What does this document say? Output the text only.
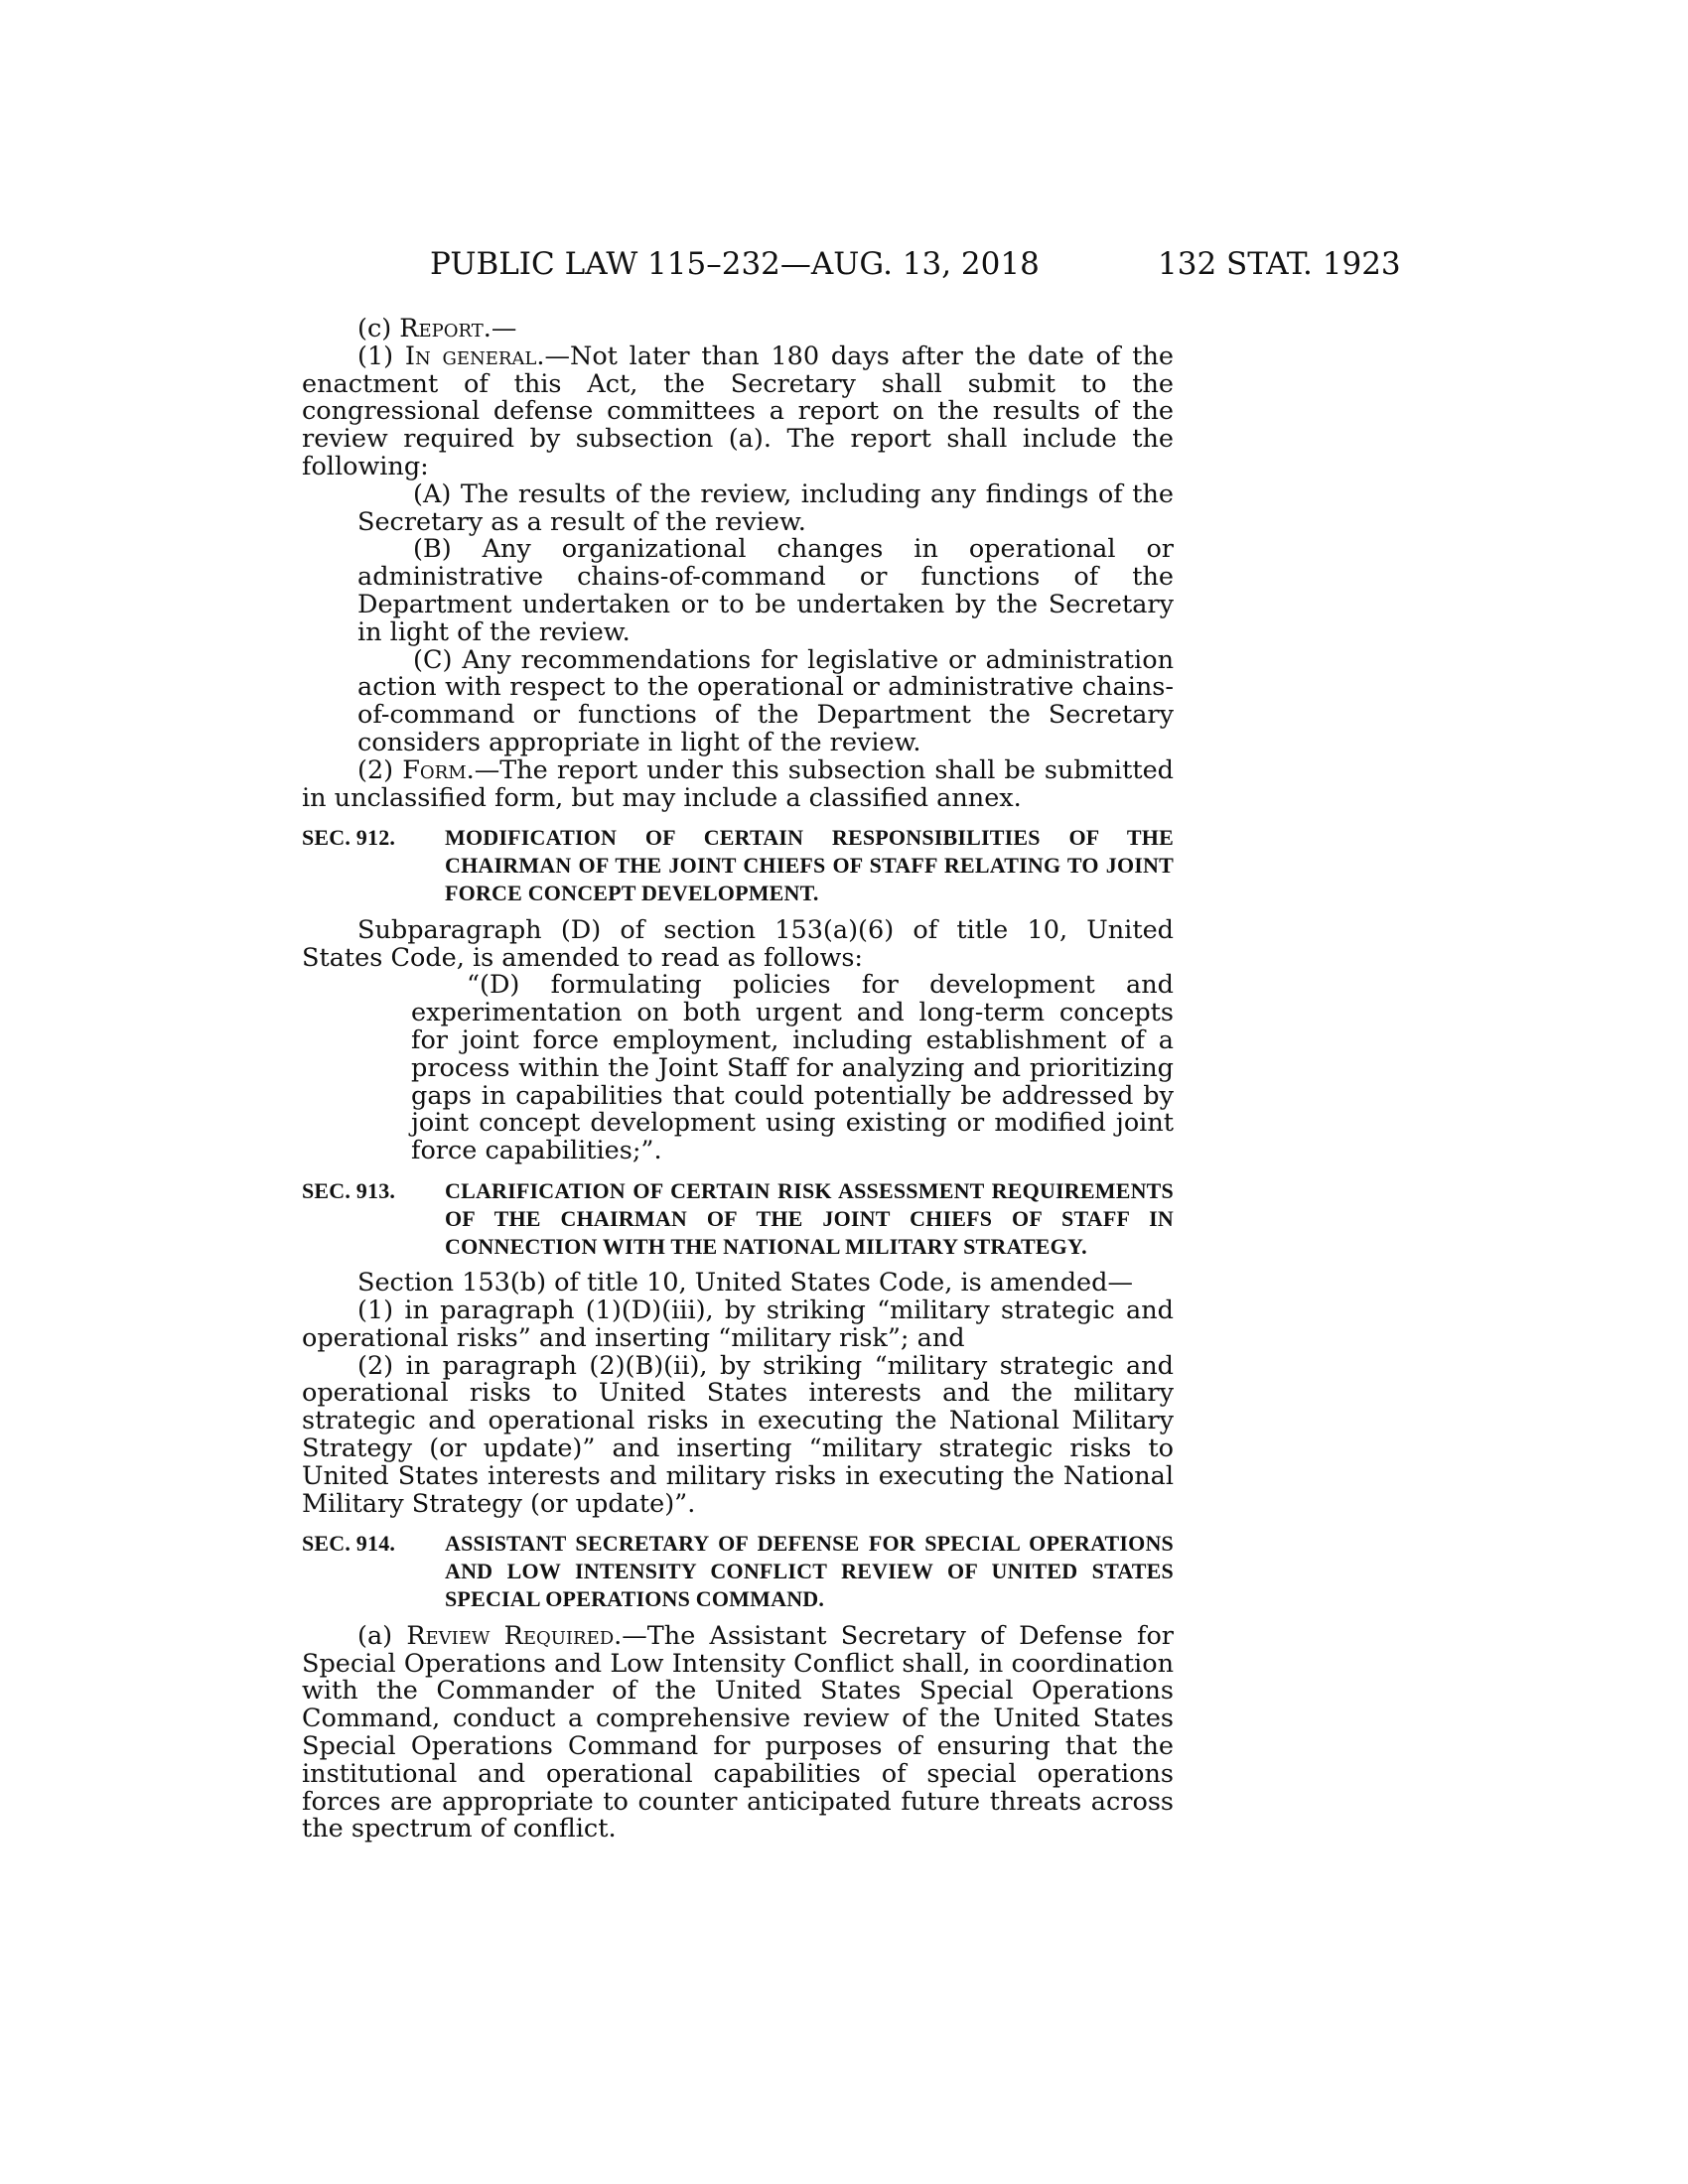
PUBLIC LAW 115–232—AUG. 13, 2018	132 STAT. 1923

(c) Report.—

(1) In general.—Not later than 180 days after the date of the enactment of this Act, the Secretary shall submit to the congressional defense committees a report on the results of the review required by subsection (a). The report shall include the following:

(A) The results of the review, including any findings of the Secretary as a result of the review.

(B) Any organizational changes in operational or administrative chains-of-command or functions of the Department undertaken or to be undertaken by the Secretary in light of the review.

(C) Any recommendations for legislative or administration action with respect to the operational or administrative chains-of-command or functions of the Department the Secretary considers appropriate in light of the review.

(2) Form.—The report under this subsection shall be submitted in unclassified form, but may include a classified annex.

SEC. 912. MODIFICATION OF CERTAIN RESPONSIBILITIES OF THE CHAIRMAN OF THE JOINT CHIEFS OF STAFF RELATING TO JOINT FORCE CONCEPT DEVELOPMENT.

Subparagraph (D) of section 153(a)(6) of title 10, United States Code, is amended to read as follows:

“(D) formulating policies for development and experimentation on both urgent and long-term concepts for joint force employment, including establishment of a process within the Joint Staff for analyzing and prioritizing gaps in capabilities that could potentially be addressed by joint concept development using existing or modified joint force capabilities;”.

SEC. 913. CLARIFICATION OF CERTAIN RISK ASSESSMENT REQUIREMENTS OF THE CHAIRMAN OF THE JOINT CHIEFS OF STAFF IN CONNECTION WITH THE NATIONAL MILITARY STRATEGY.

Section 153(b) of title 10, United States Code, is amended—

(1) in paragraph (1)(D)(iii), by striking “military strategic and operational risks” and inserting “military risk”; and

(2) in paragraph (2)(B)(ii), by striking “military strategic and operational risks to United States interests and the military strategic and operational risks in executing the National Military Strategy (or update)” and inserting “military strategic risks to United States interests and military risks in executing the National Military Strategy (or update)”.

SEC. 914. ASSISTANT SECRETARY OF DEFENSE FOR SPECIAL OPERATIONS AND LOW INTENSITY CONFLICT REVIEW OF UNITED STATES SPECIAL OPERATIONS COMMAND.

(a) Review Required.—The Assistant Secretary of Defense for Special Operations and Low Intensity Conflict shall, in coordination with the Commander of the United States Special Operations Command, conduct a comprehensive review of the United States Special Operations Command for purposes of ensuring that the institutional and operational capabilities of special operations forces are appropriate to counter anticipated future threats across the spectrum of conflict.
